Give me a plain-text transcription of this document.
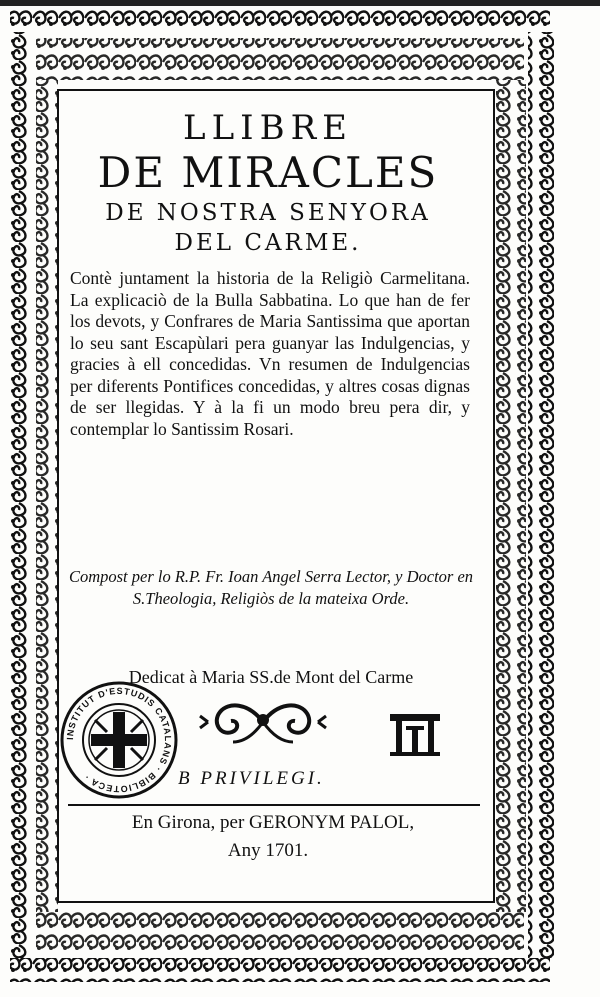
LLIBRE

DE MIRACLES

DE NOSTRA SENYORA

DEL CARME.

Contè juntament la historia de la Religiò Carmelitana. La explicaciò de la Bulla Sabbatina. Lo que han de fer los devots, y Confrares de Maria Santissima que aportan lo seu sant Escapùlari pera guanyar las Indulgencias, y gracies à ell concedidas. Vn resumen de Indulgencias per diferents Pontifices concedidas, y altres cosas dignas de ser llegidas. Y à la fi un modo breu pera dir, y contemplar lo Santissim Rosari.
Compost per lo R.P. Fr. Ioan Angel Serra Lector, y Doctor en S.Theologia, Religiòs de la mateixa Orde.
Dedicat à Maria SS.de Mont del Carme
B PRIVILEGI.
En Girona, per GERONYM PALOL,
Any 1701.
INSTITUT D'ESTUDIS CATALANS · BIBLIOTECA ·
